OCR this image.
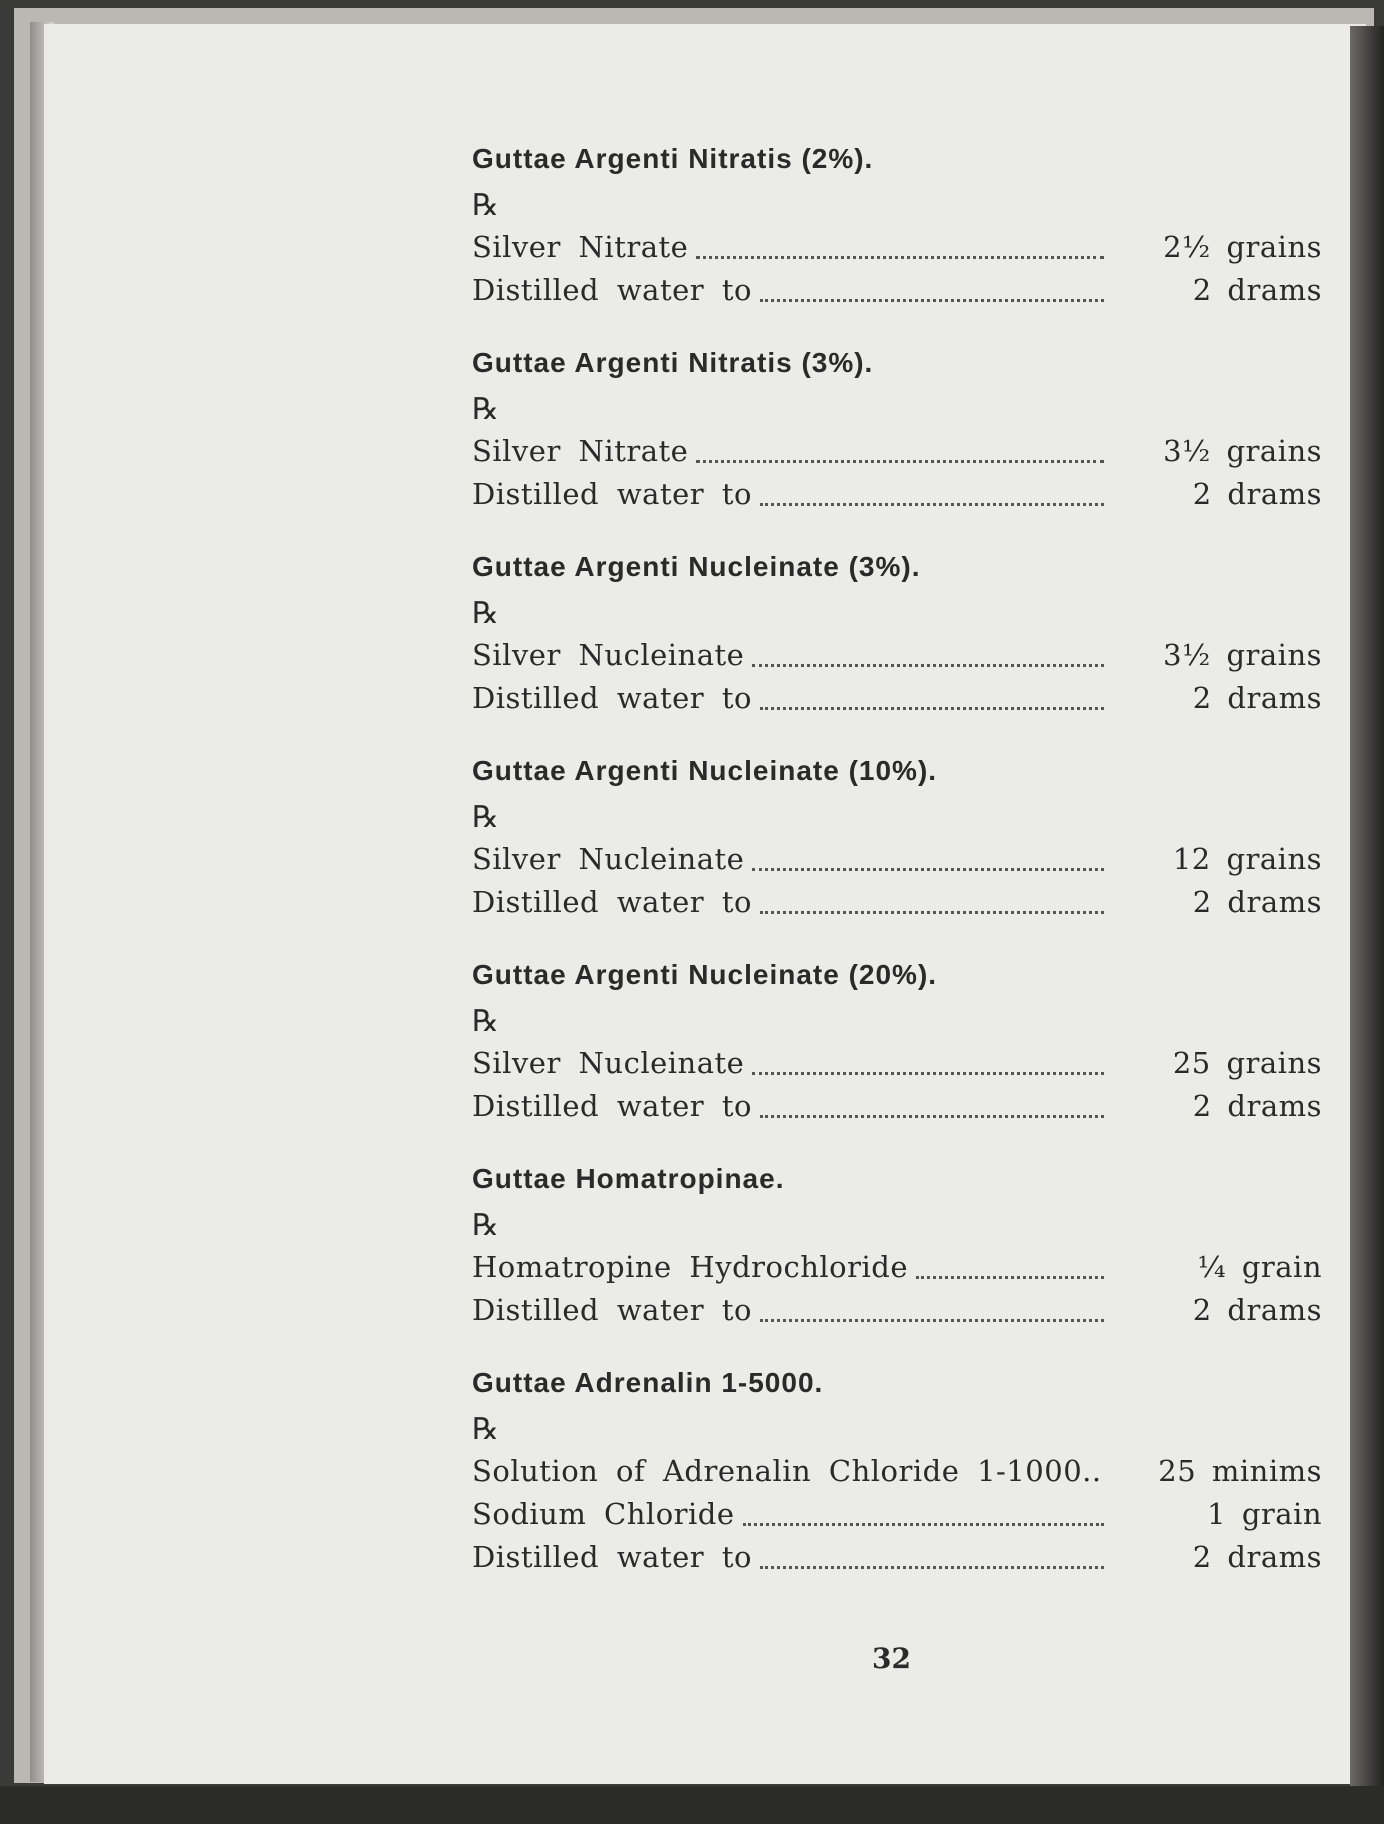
Guttae Argenti Nitratis (2%).
℞
Silver Nitrate	2½ grains
Distilled water to	2 drams
Guttae Argenti Nitratis (3%).
℞
Silver Nitrate	3½ grains
Distilled water to	2 drams
Guttae Argenti Nucleinate (3%).
℞
Silver Nucleinate	3½ grains
Distilled water to	2 drams
Guttae Argenti Nucleinate (10%).
℞
Silver Nucleinate	12 grains
Distilled water to	2 drams
Guttae Argenti Nucleinate (20%).
℞
Silver Nucleinate	25 grains
Distilled water to	2 drams
Guttae Homatropinae.
℞
Homatropine Hydrochloride	¼ grain
Distilled water to	2 drams
Guttae Adrenalin 1-5000.
℞
Solution of Adrenalin Chloride 1-1000..	25 minims
Sodium Chloride	1 grain
Distilled water to	2 drams
32
